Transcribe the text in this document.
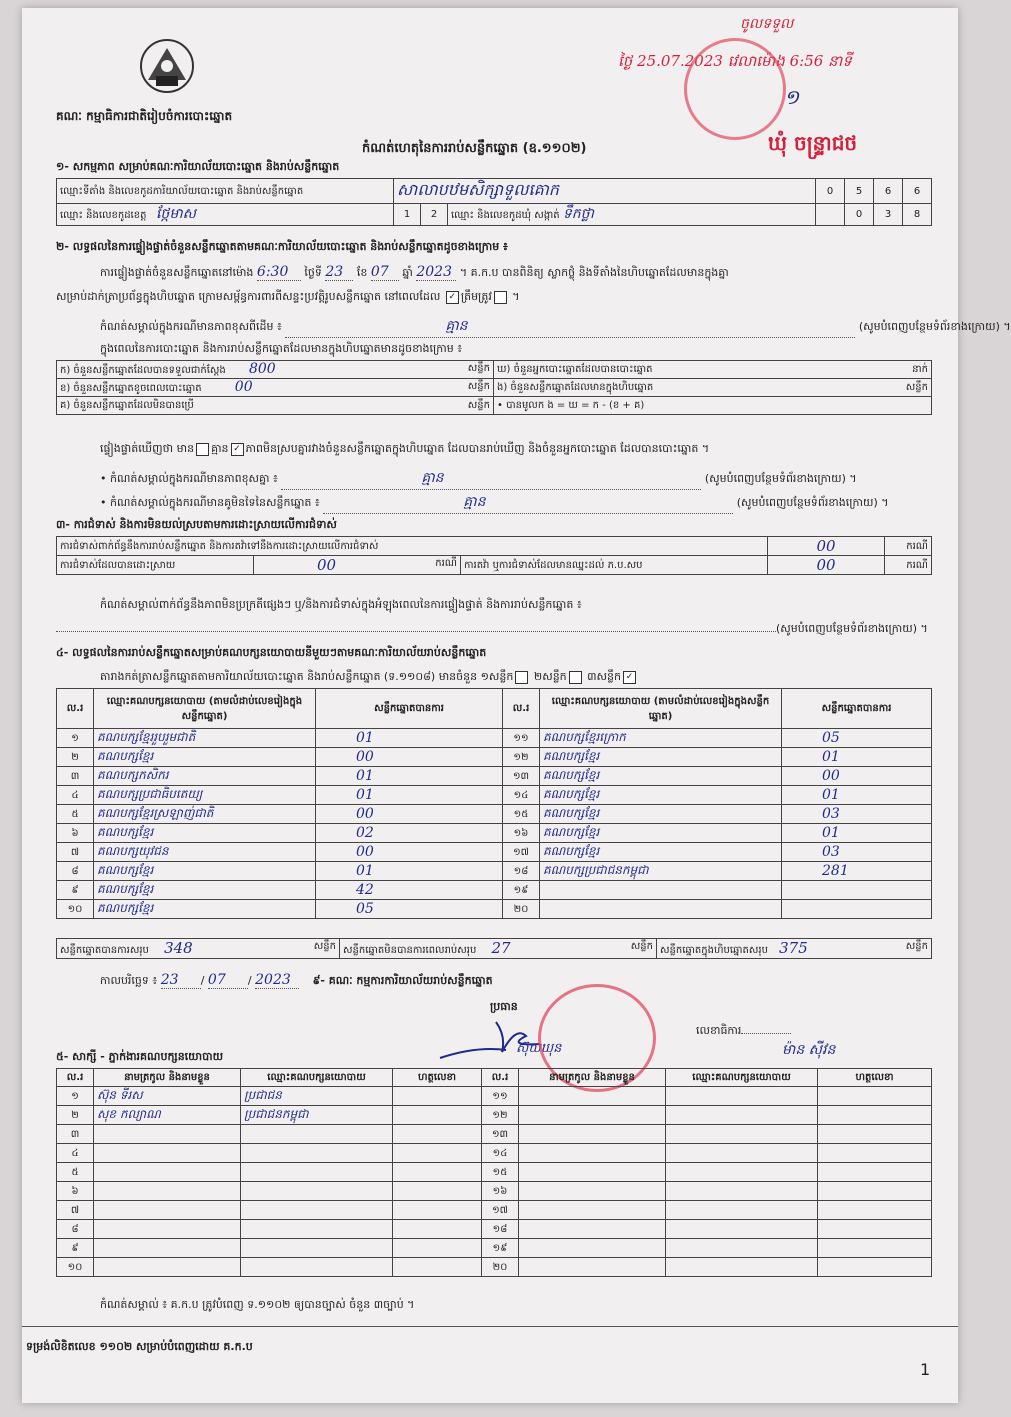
គណៈ កម្មាធិការជាតិរៀបចំការបោះឆ្នោត
ចូលទទួល
ថ្ងៃ 25.07.2023 វេលាម៉ោង 6:56 នាទី
១
ឃុំ ចន្ទ្រាជថ
កំណត់ហេតុនៃការរាប់សន្លឹកឆ្នោត (ឧ.១១០២)
១- សកម្មភាព សម្រាប់គណៈការិយាល័យបោះឆ្នោត និងរាប់សន្លឹកឆ្នោត
ឈ្មោះទីតាំង និងលេខកូដការិយាល័យបោះឆ្នោត និងរាប់សន្លឹកឆ្នោត	សាលាបឋមសិក្សាទួលគោក			0	5	6	6
ឈ្មោះ និងលេខកូដខេត្ត ថ្កែមាស	1	2	ឈ្មោះ និងលេខកូដឃុំ សង្កាត់ ទឹកថ្លា		0	3	8
២- លទ្ធផលនៃការផ្ទៀងផ្ទាត់ចំនួនសន្លឹកឆ្នោតតាមគណៈការិយាល័យបោះឆ្នោត និងរាប់សន្លឹកឆ្នោតដូចខាងក្រោម ៖
ការផ្ទៀងផ្ទាត់ចំនួនសន្លឹកឆ្នោតនៅម៉ោង 6:30 ថ្ងៃទី 23 ខែ 07 ឆ្នាំ 2023 ។ គ.ក.ប បានពិនិត្យ ស្លាកថ្លុំ និងទីតាំងនៃហិបឆ្នោតដែលមានក្នុងគ្នា
សម្រាប់ដាក់ត្រាប្រព័ន្ធក្នុងហិបឆ្នោត ក្រោមសម្ព័ន្ធការពារពីសន្ទះប្រវត្តិរូបសន្លឹកឆ្នោត នៅពេលដែល ✓ ត្រឹមត្រូវ ។
កំណត់សម្គាល់ក្នុងករណីមានភាពខុសពីដើម ៖	គ្មាន	(សូមបំពេញបន្ថែមទំព័រខាងក្រោយ) ។
ក្នុងពេលនៃការបោះឆ្នោត និងការរាប់សន្លឹកឆ្នោតដែលមានក្នុងហិបឆ្នោតមានដូចខាងក្រោម ៖
ក) ចំនួនសន្លឹកឆ្នោតដែលបានទទួលជាក់ស្តែង 800 សន្លឹក	ឃ) ចំនួនអ្នកបោះឆ្នោតដែលបានបោះឆ្នោត នាក់

ខ) ចំនួនសន្លឹកឆ្នោតខូចពេលបោះឆ្នោត 00 សន្លឹក	ង) ចំនួនសន្លឹកឆ្នោតដែលមានក្នុងហិបឆ្នោត សន្លឹក

គ) ចំនួនសន្លឹកឆ្នោតដែលមិនបានប្រើ សន្លឹក	• បានមូលក ង = ឃ = ក - (ខ + គ)
ផ្ទៀងផ្ទាត់ឃើញថា មាន គ្មាន ✓ ភាពមិនស្របគ្នារវាងចំនួនសន្លឹកឆ្នោតក្នុងហិបឆ្នោត ដែលបានរាប់ឃើញ និងចំនួនអ្នកបោះឆ្នោត ដែលបានបោះឆ្នោត ។
• កំណត់សម្គាល់ក្នុងករណីមានភាពខុសគ្នា ៖	គ្មាន	(សូមបំពេញបន្ថែមទំព័រខាងក្រោយ) ។
• កំណត់សម្គាល់ក្នុងករណីមានគូមិនទៃនៃសន្លឹកឆ្នោត ៖	គ្មាន	(សូមបំពេញបន្ថែមទំព័រខាងក្រោយ) ។
៣- ការជំទាស់ និងការមិនយល់ស្របតាមការដោះស្រាយលើការជំទាស់
ការជំទាស់ពាក់ព័ន្ធនឹងការរាប់សន្លឹកឆ្នោត និងការតវ៉ាទៅនឹងការដោះស្រាយលើការជំទាស់			00	ករណី
ការជំទាស់ដែលបានដោះស្រាយ	00 ករណី	ការតវ៉ា ឬការជំទាស់ដែលមានឈ្នះដល់ ភ.ប.សប	00	ករណី
កំណត់សម្គាល់ពាក់ព័ន្ធនឹងភាពមិនប្រក្រតីផ្សេងៗ ឬ/និងការជំទាស់ក្នុងអំឡុងពេលនៃការផ្ទៀងផ្ទាត់ និងការរាប់សន្លឹកឆ្នោត ៖
(សូមបំពេញបន្ថែមទំព័រខាងក្រោយ) ។
៤- លទ្ធផលនៃការរាប់សន្លឹកឆ្នោតសម្រាប់គណបក្សនយោបាយនីមួយៗតាមគណៈការិយាល័យរាប់សន្លឹកឆ្នោត
តារាងកត់ត្រាសន្លឹកឆ្នោតតាមការិយាល័យបោះឆ្នោត និងរាប់សន្លឹកឆ្នោត (ទ.១១០៨) មានចំនួន ១សន្លឹក ២សន្លឹក ៣សន្លឹក ✓
ល.រ	ឈ្មោះគណបក្សនយោបាយ (តាមលំដាប់លេខរៀងក្នុងសន្លឹកឆ្នោត)	សន្លឹកឆ្នោតបានការ	ល.រ	ឈ្មោះគណបក្សនយោបាយ (តាមលំដាប់លេខរៀងក្នុងសន្លឹកឆ្នោត)	សន្លឹកឆ្នោតបានការ
១	គណបក្សខ្មែររួបរួមជាតិ	01	១១	គណបក្សខ្មែរក្រោក	05
២	គណបក្សខ្មែរ	00	១២	គណបក្សខ្មែរ	01
៣	គណបក្សកសិករ	01	១៣	គណបក្សខ្មែរ	00
៤	គណបក្សប្រជាធិបតេយ្យ	01	១៤	គណបក្សខ្មែរ	01
៥	គណបក្សខ្មែរស្រឡាញ់ជាតិ	00	១៥	គណបក្សខ្មែរ	03
៦	គណបក្សខ្មែរ	02	១៦	គណបក្សខ្មែរ	01
៧	គណបក្សយុវជន	00	១៧	គណបក្សខ្មែរ	03
៨	គណបក្សខ្មែរ	01	១៨	គណបក្សប្រជាជនកម្ពុជា	281
៩	គណបក្សខ្មែរ	42	១៩		
១០	គណបក្សខ្មែរ	05	២០		
សន្លឹកឆ្នោតបានការសរុប 348	សន្លឹក	សន្លឹកឆ្នោតមិនបានការពេលរាប់សរុប 27	សន្លឹក	សន្លឹកឆ្នោតក្នុងហិបឆ្នោតសរុប 375	សន្លឹក
កាលបរិច្ឆេទ ៖ 23 / 07 / 2023 ៩- គណៈ កម្មការការិយាល័យរាប់សន្លឹកឆ្នោត
ប្រធាន
ស៊ុយឃុន
លេខាធិការ
ម៉ាន ស៊ីវន
៥- សាក្សី - ភ្នាក់ងារគណបក្សនយោបាយ
ល.រ	នាមត្រកូល និងនាមខ្លួន	ឈ្មោះគណបក្សនយោបាយ	ហត្ថលេខា	ល.រ	នាមត្រកូល និងនាមខ្លួន	ឈ្មោះគណបក្សនយោបាយ	ហត្ថលេខា
១	ស៊ុន ទីរស	ប្រជាជន		១១			
២	សុខ កល្យាណ	ប្រជាជនកម្ពុជា		១២			
៣				១៣			
៤				១៤			
៥				១៥			
៦				១៦			
៧				១៧			
៨				១៨			
៩				១៩			
១០				២០			
កំណត់សម្គាល់ ៖ គ.ក.ប ត្រូវបំពេញ ទ.១១០២ ឲ្យបានច្បាស់ ចំនួន ៣ច្បាប់ ។
ទម្រង់លិខិតលេខ ១១០២ សម្រាប់បំពេញដោយ គ.ក.ប
1
